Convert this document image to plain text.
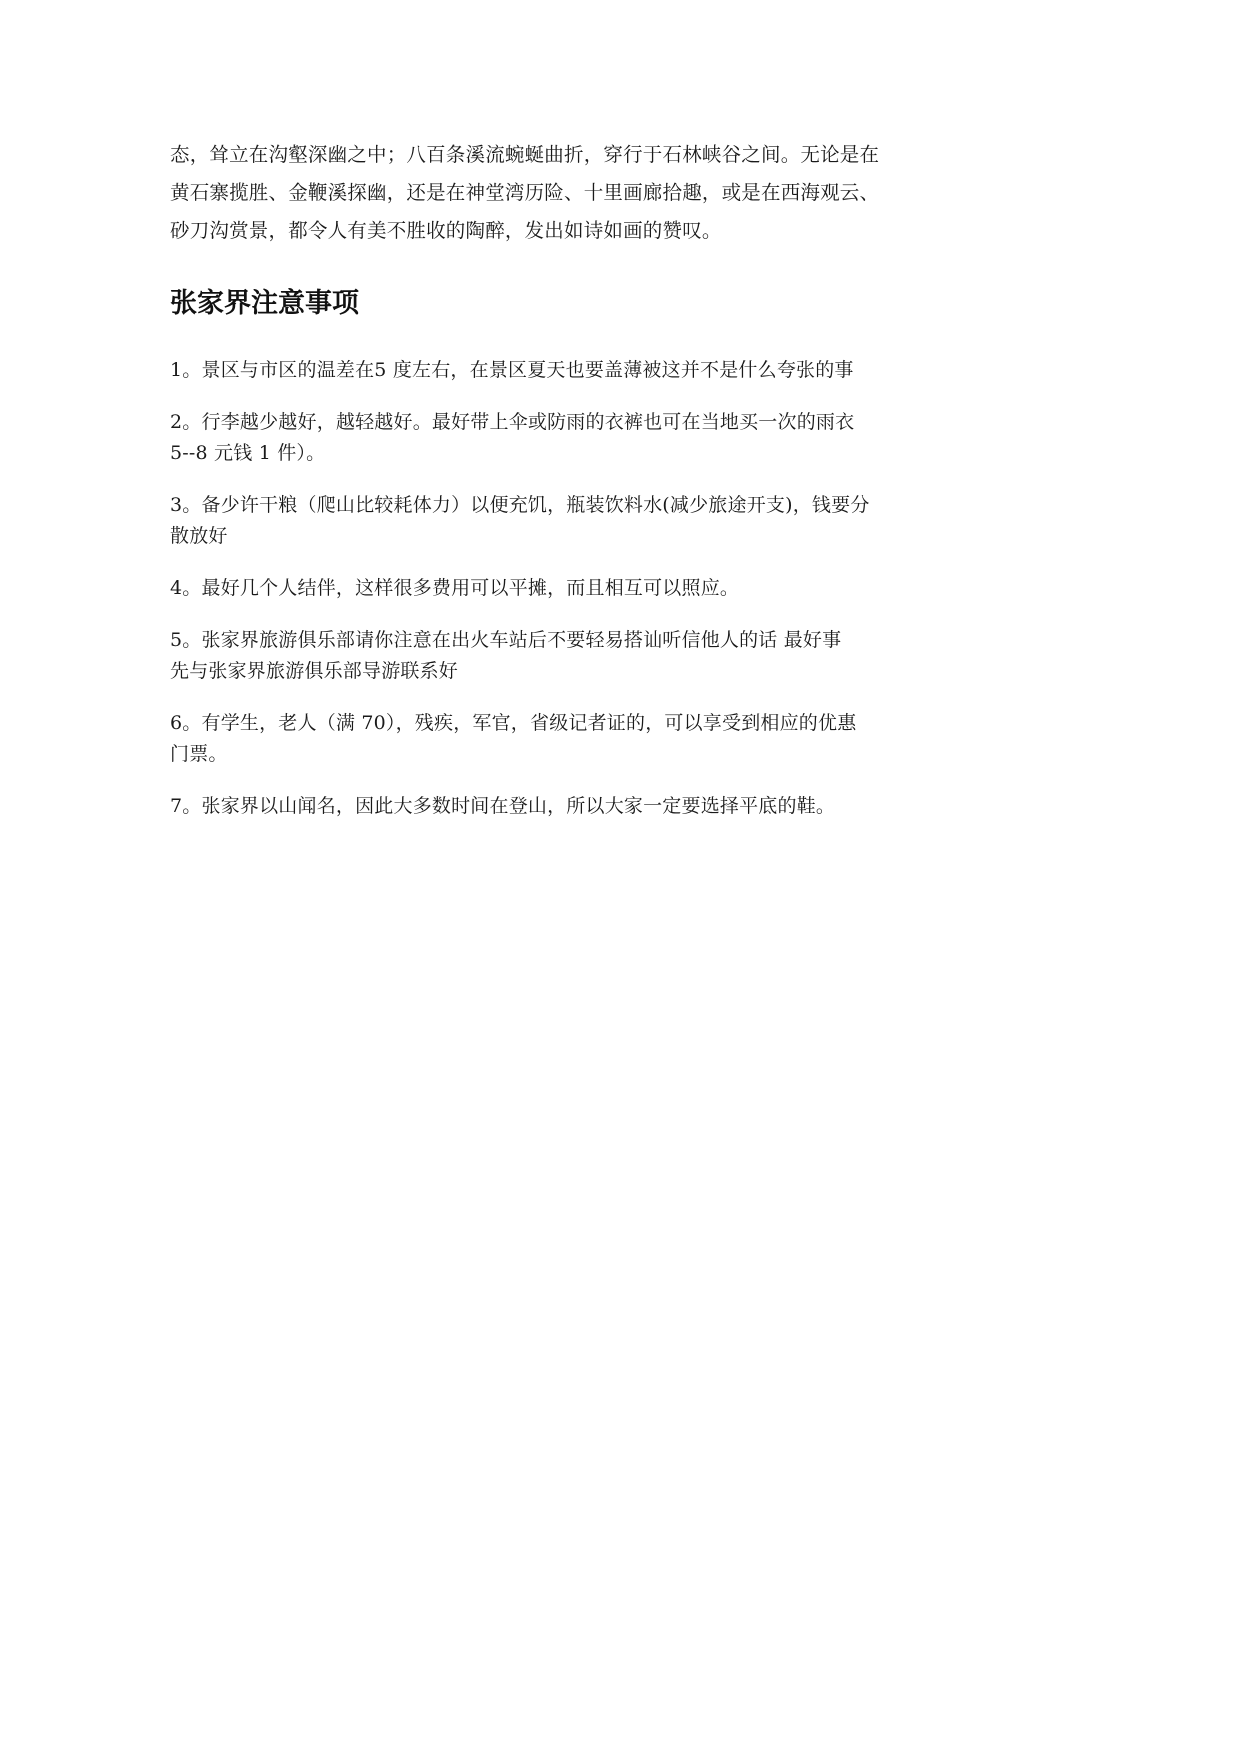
态，耸立在沟壑深幽之中；八百条溪流蜿蜒曲折，穿行于石林峡谷之间。无论是在
黄石寨揽胜、金鞭溪探幽，还是在神堂湾历险、十里画廊拾趣，或是在西海观云、
砂刀沟赏景，都令人有美不胜收的陶醉，发出如诗如画的赞叹。

张家界注意事项
1。景区与市区的温差在5 度左右，在景区夏天也要盖薄被这并不是什么夸张的事
2。行李越少越好，越轻越好。最好带上伞或防雨的衣裤也可在当地买一次的雨衣
5--8 元钱 1 件）。
3。备少许干粮（爬山比较耗体力）以便充饥，瓶装饮料水(减少旅途开支)，钱要分
散放好
4。最好几个人结伴，这样很多费用可以平摊，而且相互可以照应。
5。张家界旅游俱乐部请你注意在出火车站后不要轻易搭讪听信他人的话 最好事
先与张家界旅游俱乐部导游联系好
6。有学生，老人（满 70），残疾，军官，省级记者证的，可以享受到相应的优惠
门票。
7。张家界以山闻名，因此大多数时间在登山，所以大家一定要选择平底的鞋。
